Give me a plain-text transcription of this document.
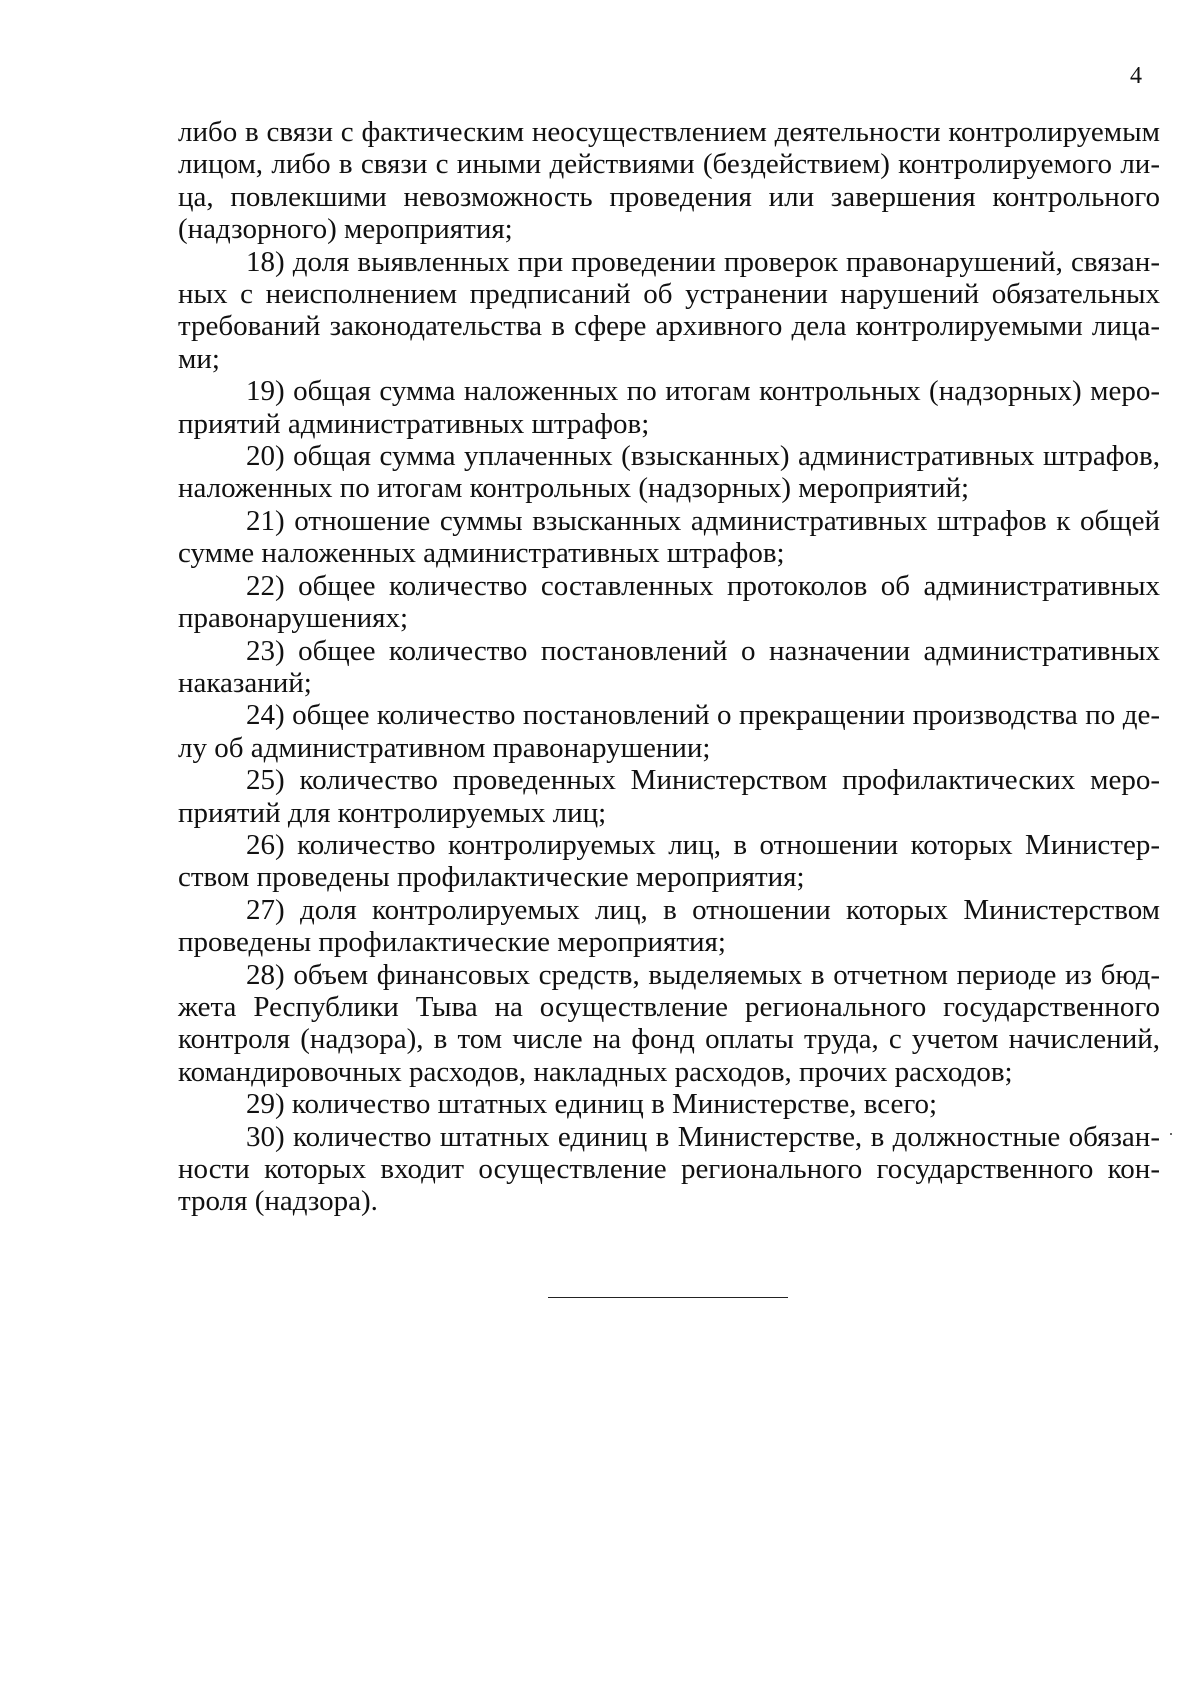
4

либо в связи с фактическим неосуществлением деятельности контролируемым лицом, либо в связи с иными действиями (бездействием) контролируемого лица, повлекшими невозможность проведения или завершения контрольного (надзорного) мероприятия;

18) доля выявленных при проведении проверок правонарушений, связанных с неисполнением предписаний об устранении нарушений обязательных требований законодательства в сфере архивного дела контролируемыми лицами;

19) общая сумма наложенных по итогам контрольных (надзорных) мероприятий административных штрафов;

20) общая сумма уплаченных (взысканных) административных штрафов, наложенных по итогам контрольных (надзорных) мероприятий;

21) отношение суммы взысканных административных штрафов к общей сумме наложенных административных штрафов;

22) общее количество составленных протоколов об административных правонарушениях;

23) общее количество постановлений о назначении административных наказаний;

24) общее количество постановлений о прекращении производства по делу об административном правонарушении;

25) количество проведенных Министерством профилактических мероприятий для контролируемых лиц;

26) количество контролируемых лиц, в отношении которых Министерством проведены профилактические мероприятия;

27) доля контролируемых лиц, в отношении которых Министерством проведены профилактические мероприятия;

28) объем финансовых средств, выделяемых в отчетном периоде из бюджета Республики Тыва на осуществление регионального государственного контроля (надзора), в том числе на фонд оплаты труда, с учетом начислений, командировочных расходов, накладных расходов, прочих расходов;

29) количество штатных единиц в Министерстве, всего;

30) количество штатных единиц в Министерстве, в должностные обязанности которых входит осуществление регионального государственного контроля (надзора).
